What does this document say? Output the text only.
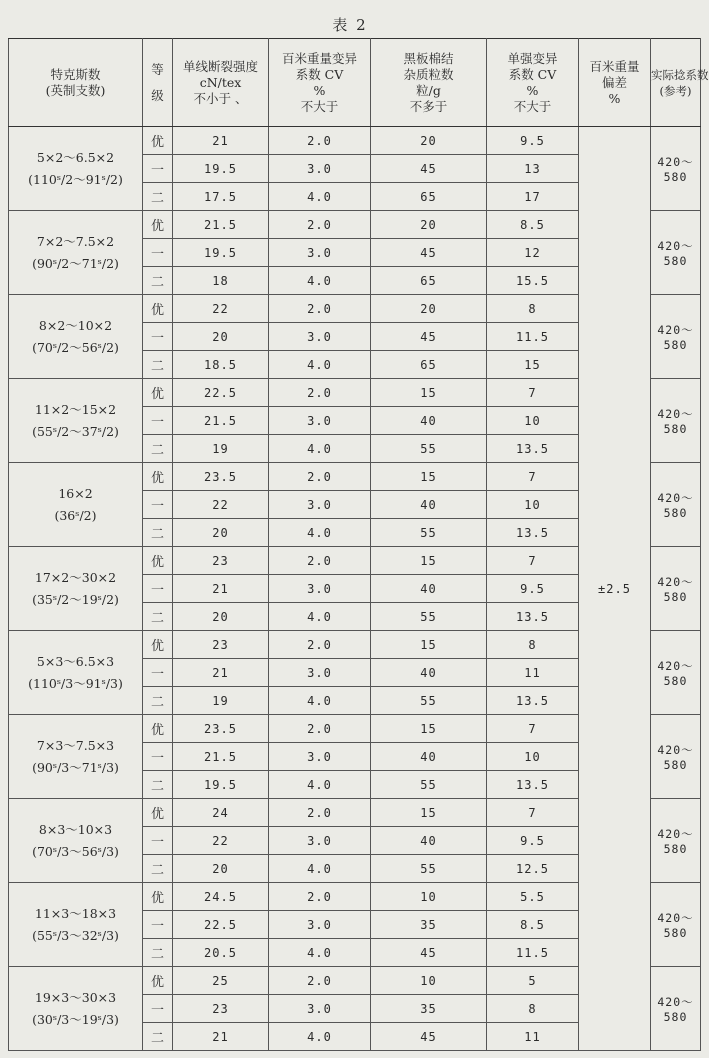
表 2
特克斯数
(英制支数)	等
级	单线断裂强度
cN/tex
不小于 、	百米重量变异
系数 CV
%
不大于	黑板棉结
杂质粒数
粒/g
不多于	单强变异
系数 CV
%
不大于	百米重量
偏差
%	实际捻系数
(参考)

5×2～6.5×2
(110ˢ/2～91ˢ/2)	优	21	2.0	20	9.5	±2.5	420～580
	一	19.5	3.0	45	13		
	二	17.5	4.0	65	17		

7×2～7.5×2
(90ˢ/2～71ˢ/2)	优	21.5	2.0	20	8.5		420～580
	一	19.5	3.0	45	12		
	二	18	4.0	65	15.5		

8×2～10×2
(70ˢ/2～56ˢ/2)	优	22	2.0	20	8		420～580
	一	20	3.0	45	11.5		
	二	18.5	4.0	65	15		

11×2～15×2
(55ˢ/2～37ˢ/2)	优	22.5	2.0	15	7		420～580
	一	21.5	3.0	40	10		
	二	19	4.0	55	13.5		

16×2
(36ˢ/2)	优	23.5	2.0	15	7		420～580
	一	22	3.0	40	10		
	二	20	4.0	55	13.5		

17×2～30×2
(35ˢ/2～19ˢ/2)	优	23	2.0	15	7		420～580
	一	21	3.0	40	9.5		
	二	20	4.0	55	13.5		

5×3～6.5×3
(110ˢ/3～91ˢ/3)	优	23	2.0	15	8		420～580
	一	21	3.0	40	11		
	二	19	4.0	55	13.5		

7×3～7.5×3
(90ˢ/3～71ˢ/3)	优	23.5	2.0	15	7		420～580
	一	21.5	3.0	40	10		
	二	19.5	4.0	55	13.5		

8×3～10×3
(70ˢ/3～56ˢ/3)	优	24	2.0	15	7		420～580
	一	22	3.0	40	9.5		
	二	20	4.0	55	12.5		

11×3～18×3
(55ˢ/3～32ˢ/3)	优	24.5	2.0	10	5.5		420～580
	一	22.5	3.0	35	8.5		
	二	20.5	4.0	45	11.5		

19×3～30×3
(30ˢ/3～19ˢ/3)	优	25	2.0	10	5		420～580
	一	23	3.0	35	8		
	二	21	4.0	45	11		
